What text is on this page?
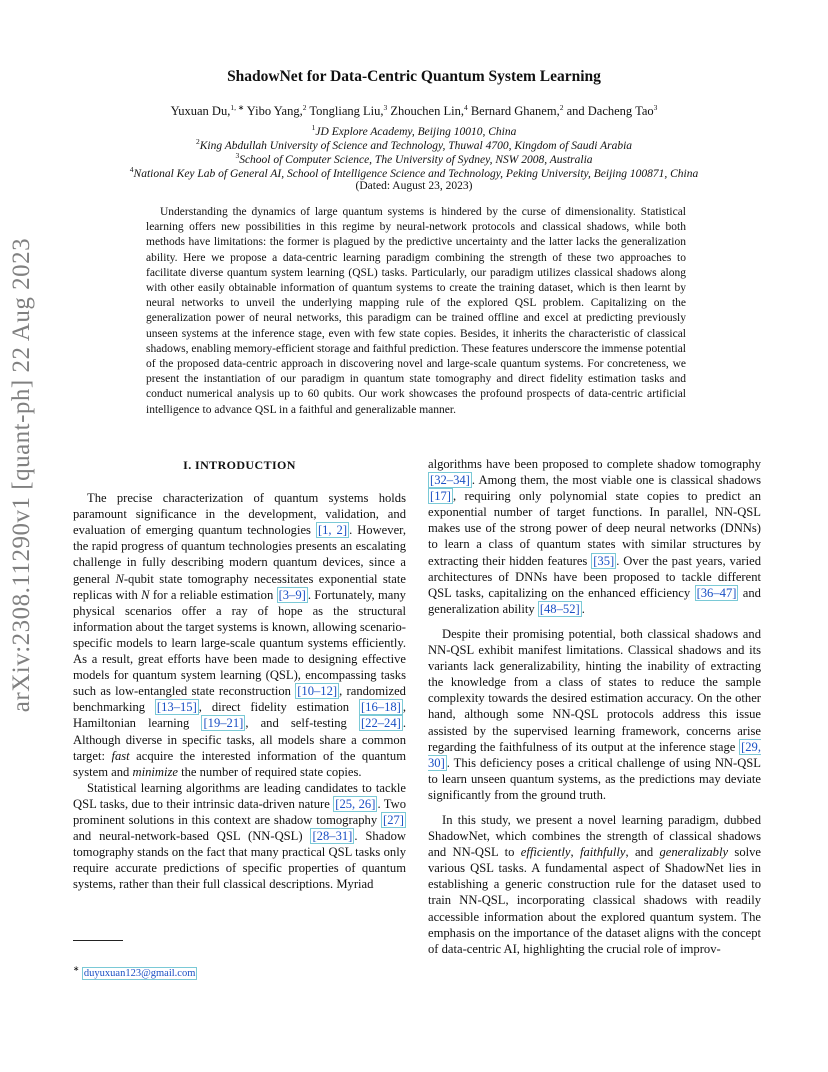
arXiv:2308.11290v1 [quant-ph] 22 Aug 2023
ShadowNet for Data-Centric Quantum System Learning
Yuxuan Du,$^{1, ∗}$ Yibo Yang,$^2$ Tongliang Liu,$^3$ Zhouchen Lin,$^4$ Bernard Ghanem,$^2$ and Dacheng Tao$^3$
$^1$JD Explore Academy, Beijing 10010, China
$^2$King Abdullah University of Science and Technology, Thuwal 4700, Kingdom of Saudi Arabia
$^3$School of Computer Science, The University of Sydney, NSW 2008, Australia
$^4$National Key Lab of General AI, School of Intelligence Science and Technology, Peking University, Beijing 100871, China
(Dated: August 23, 2023)
Understanding the dynamics of large quantum systems is hindered by the curse of dimensionality. Statistical learning offers new possibilities in this regime by neural-network protocols and classical shadows, while both methods have limitations: the former is plagued by the predictive uncertainty and the latter lacks the generalization ability. Here we propose a data-centric learning paradigm combining the strength of these two approaches to facilitate diverse quantum system learning (QSL) tasks. Particularly, our paradigm utilizes classical shadows along with other easily obtainable information of quantum systems to create the training dataset, which is then learnt by neural networks to unveil the underlying mapping rule of the explored QSL problem. Capitalizing on the generalization power of neural networks, this paradigm can be trained offline and excel at predicting previously unseen systems at the inference stage, even with few state copies. Besides, it inherits the characteristic of classical shadows, enabling memory-efficient storage and faithful prediction. These features underscore the immense potential of the proposed data-centric approach in discovering novel and large-scale quantum systems. For concreteness, we present the instantiation of our paradigm in quantum state tomography and direct fidelity estimation tasks and conduct numerical analysis up to 60 qubits. Our work showcases the profound prospects of data-centric artificial intelligence to advance QSL in a faithful and generalizable manner.
I. INTRODUCTION

The precise characterization of quantum systems holds paramount significance in the development, validation, and evaluation of emerging quantum technologies [1, 2] . However, the rapid progress of quantum technologies presents an escalating challenge in fully describing modern quantum devices, since a general N-qubit state tomography necessitates exponential state replicas with N for a reliable estimation [3–9] . Fortunately, many physical scenarios offer a ray of hope as the structural information about the target systems is known, allowing scenario-specific models to learn large-scale quantum systems efficiently. As a result, great efforts have been made to designing effective models for quantum system learning (QSL), encompassing tasks such as low-entangled state reconstruction [10–12] , randomized benchmarking [13–15] , direct fidelity estimation [16–18] , Hamiltonian learning [19–21] , and self-testing [22–24] . Although diverse in specific tasks, all models share a common target: fast acquire the interested information of the quantum system and minimize the number of required state copies.

Statistical learning algorithms are leading candidates to tackle QSL tasks, due to their intrinsic data-driven nature [25, 26] . Two prominent solutions in this context are shadow tomography [27] and neural-network-based QSL (NN-QSL) [28–31] . Shadow tomography stands on the fact that many practical QSL tasks only require accurate predictions of specific properties of quantum systems, rather than their full classical descriptions. Myriad

algorithms have been proposed to complete shadow tomography [32–34] . Among them, the most viable one is classical shadows [17] , requiring only polynomial state copies to predict an exponential number of target functions. In parallel, NN-QSL makes use of the strong power of deep neural networks (DNNs) to learn a class of quantum states with similar structures by extracting their hidden features [35] . Over the past years, varied architectures of DNNs have been proposed to tackle different QSL tasks, capitalizing on the enhanced efficiency [36–47] and generalization ability [48–52] .

Despite their promising potential, both classical shadows and NN-QSL exhibit manifest limitations. Classical shadows and its variants lack generalizability, hinting the inability of extracting the knowledge from a class of states to reduce the sample complexity towards the desired estimation accuracy. On the other hand, although some NN-QSL protocols address this issue assisted by the supervised learning framework, concerns arise regarding the faithfulness of its output at the inference stage [29, 30] . This deficiency poses a critical challenge of using NN-QSL to learn unseen quantum systems, as the predictions may deviate significantly from the ground truth.

In this study, we present a novel learning paradigm, dubbed ShadowNet, which combines the strength of classical shadows and NN-QSL to efficiently, faithfully, and generalizably solve various QSL tasks. A fundamental aspect of ShadowNet lies in establishing a generic construction rule for the dataset used to train NN-QSL, incorporating classical shadows with readily accessible information about the explored quantum system. The emphasis on the importance of the dataset aligns with the concept of data-centric AI, highlighting the crucial role of improv-

∗ duyuxuan123@gmail.com
